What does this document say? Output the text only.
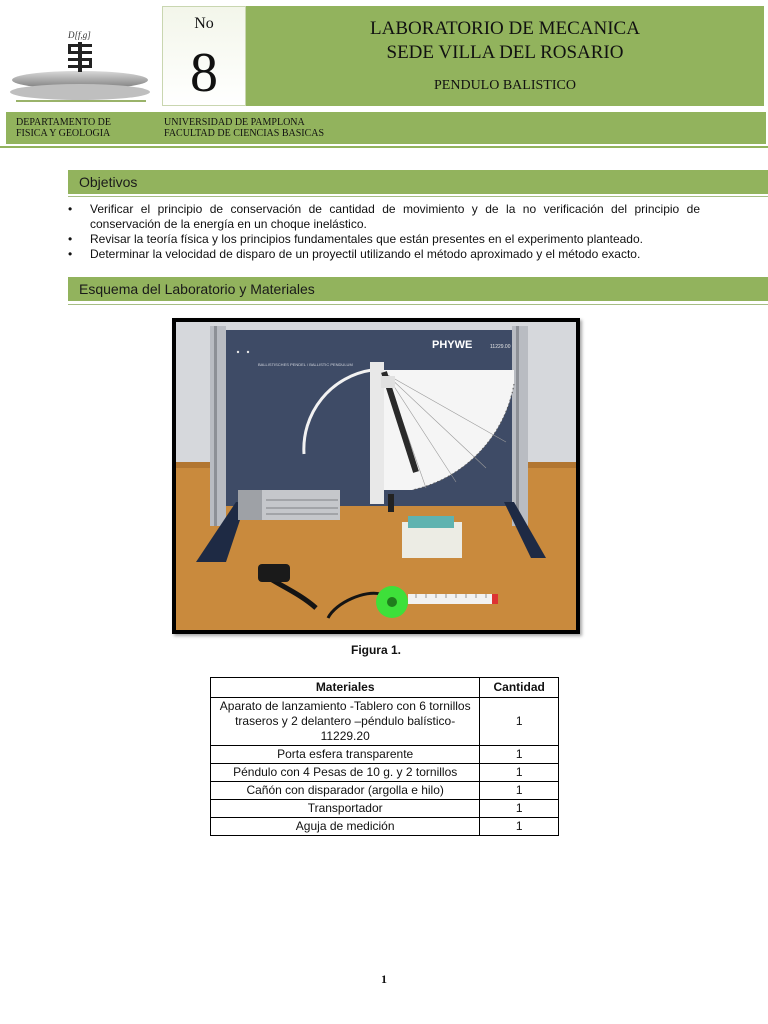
D[f,g]
No
8
LABORATORIO DE MECANICA
SEDE VILLA DEL ROSARIO
PENDULO BALISTICO
DEPARTAMENTO DE
FISICA Y GEOLOGIA
UNIVERSIDAD DE PAMPLONA
FACULTAD DE CIENCIAS BASICAS
Objetivos
• Verificar el principio de conservación de cantidad de movimiento y de la no verificación del principio de conservación de la energía en un choque inelástico.
• Revisar la teoría física y los principios fundamentales que están presentes en el experimento planteado.
• Determinar la velocidad de disparo de un proyectil utilizando el método aproximado y el método exacto.
Esquema del Laboratorio y Materiales
PHYWE	11229.00
BALLISTISCHES PENDEL / BALLISTIC PENDULUM
Figura 1.
Materiales	Cantidad
Aparato de lanzamiento -Tablero con 6 tornillos traseros y 2 delantero –péndulo balístico- 11229.20	1
Porta esfera transparente	1
Péndulo con 4 Pesas de 10 g. y 2 tornillos	1
Cañón con disparador (argolla e hilo)	1
Transportador	1
Aguja de medición	1
1
